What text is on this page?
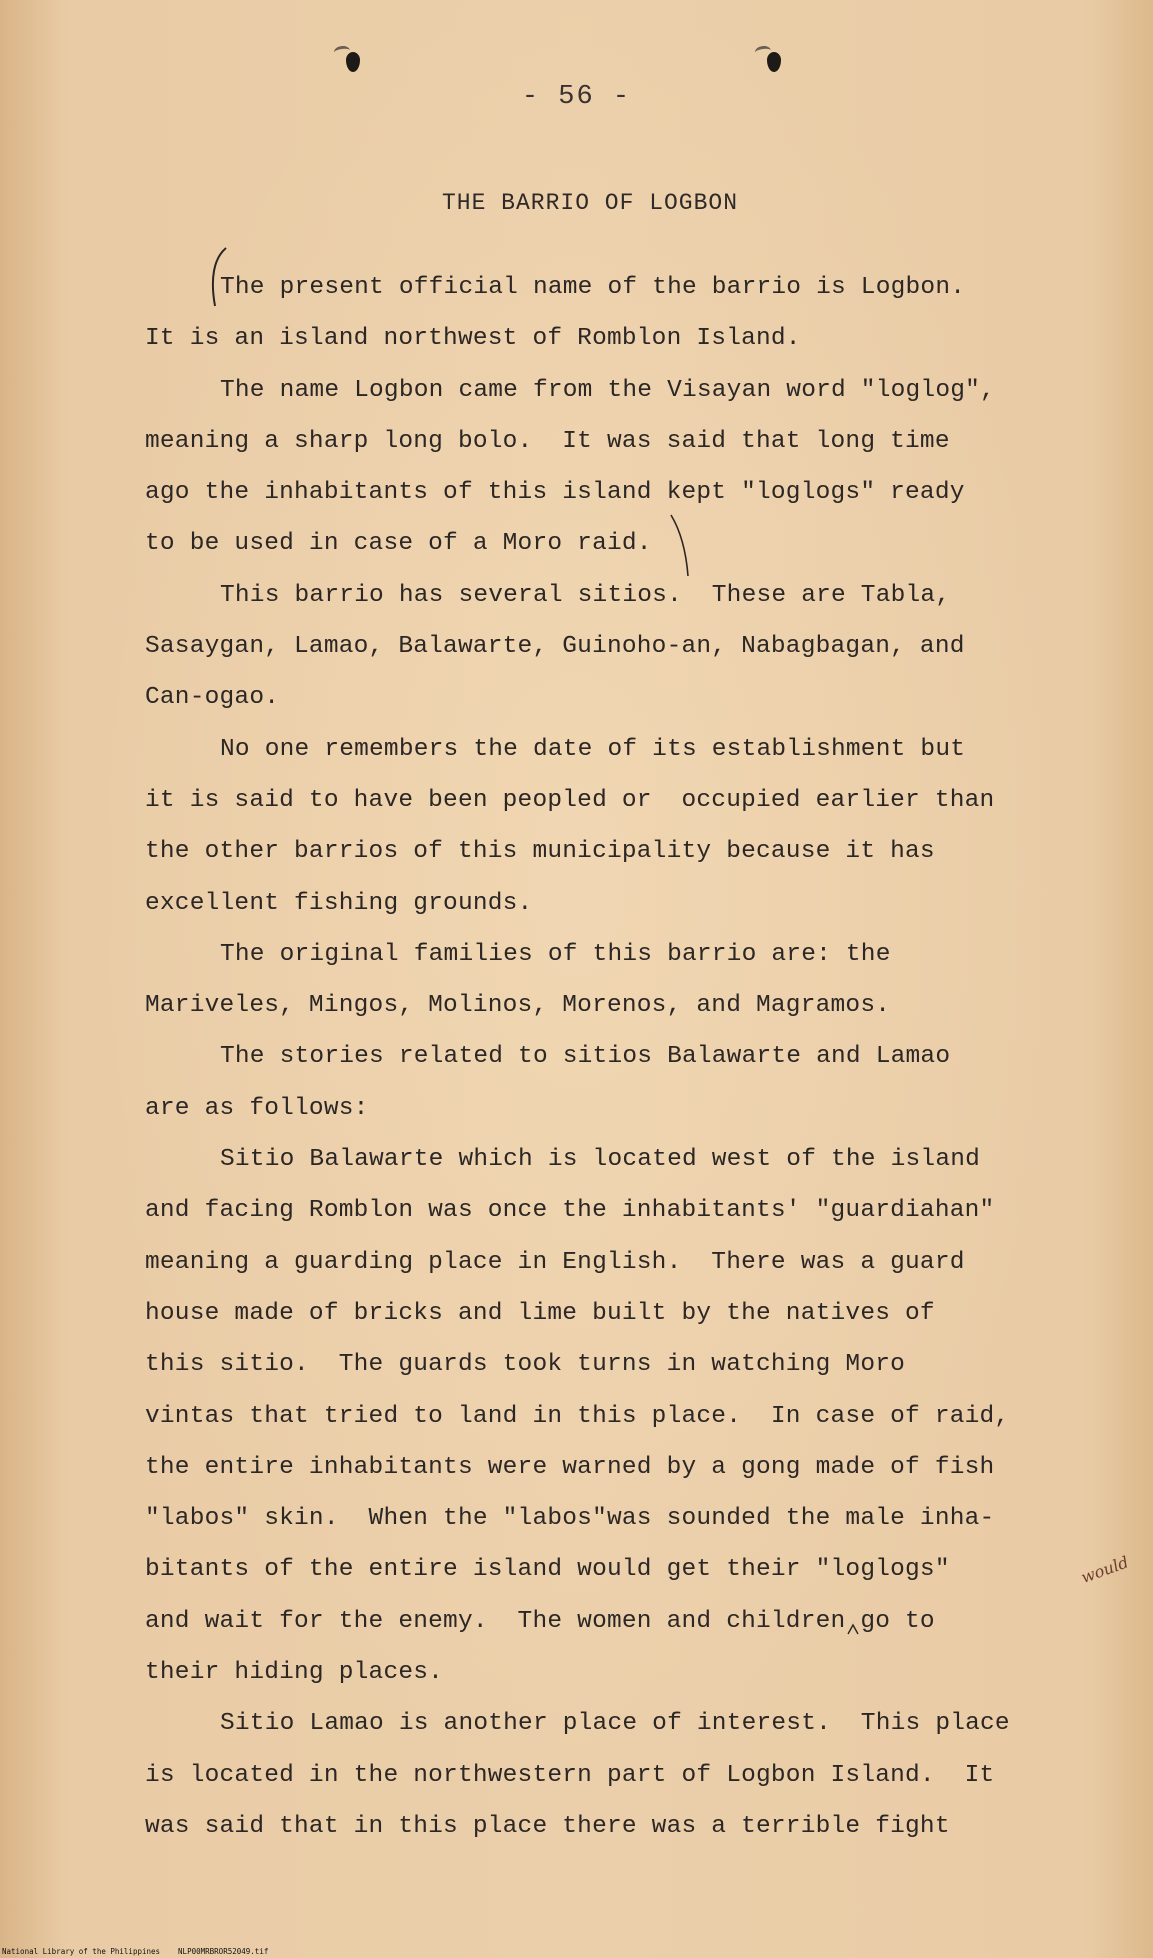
- 56 -
THE BARRIO OF LOGBON
The present official name of the barrio is Logbon.
It is an island northwest of Romblon Island.
The name Logbon came from the Visayan word "loglog",
meaning a sharp long bolo.  It was said that long time
ago the inhabitants of this island kept "loglogs" ready
to be used in case of a Moro raid.
This barrio has several sitios.  These are Tabla,
Sasaygan, Lamao, Balawarte, Guinoho-an, Nabagbagan, and
Can-ogao.
No one remembers the date of its establishment but
it is said to have been peopled or  occupied earlier than
the other barrios of this municipality because it has
excellent fishing grounds.
The original families of this barrio are: the
Mariveles, Mingos, Molinos, Morenos, and Magramos.
The stories related to sitios Balawarte and Lamao
are as follows:
Sitio Balawarte which is located west of the island
and facing Romblon was once the inhabitants' "guardiahan"
meaning a guarding place in English.  There was a guard
house made of bricks and lime built by the natives of
this sitio.  The guards took turns in watching Moro
vintas that tried to land in this place.  In case of raid,
the entire inhabitants were warned by a gong made of fish
"labos" skin.  When the "labos"was sounded the male inha-
bitants of the entire island would get their "loglogs"
and wait for the enemy.  The women and children go to
their hiding places.
Sitio Lamao is another place of interest.  This place
is located in the northwestern part of Logbon Island.  It
was said that in this place there was a terrible fight
would
National Library of the Philippines NLP00MRBROR52049.tif
